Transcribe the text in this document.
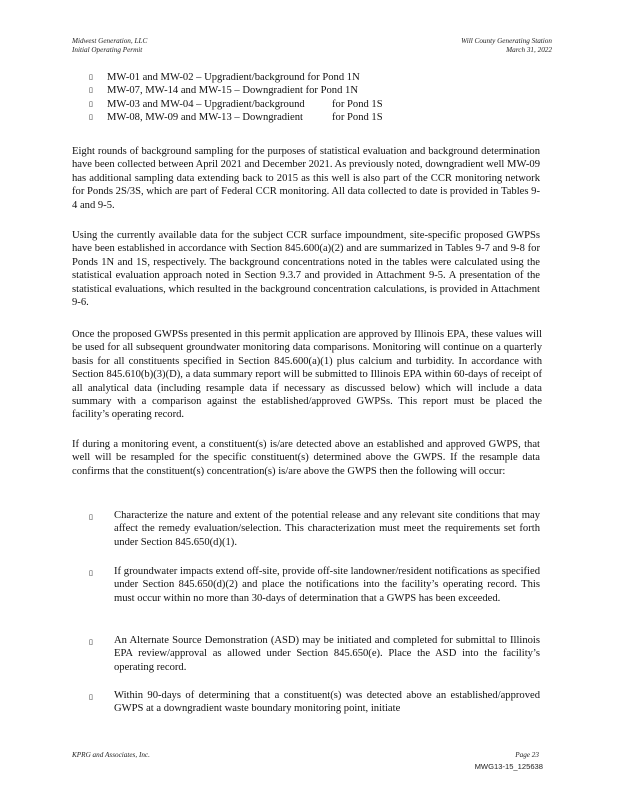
Midwest Generation, LLC
Initial Operating Permit
Will County Generating Station
March 31, 2022
▯	MW-01 and MW-02 – Upgradient/background for Pond 1N
▯	MW-07, MW-14 and MW-15 – Downgradient for Pond 1N
▯	MW-03 and MW-04 – Upgradient/background	for Pond 1S
▯	MW-08, MW-09 and MW-13 – Downgradient	for Pond 1S

Eight rounds of background sampling for the purposes of statistical evaluation and background determination have been collected between April 2021 and December 2021. As previously noted, downgradient well MW-09 has additional sampling data extending back to 2015 as this well is also part of the CCR monitoring network for Ponds 2S/3S, which are part of Federal CCR monitoring. All data collected to date is provided in Tables 9-4 and 9-5.

Using the currently available data for the subject CCR surface impoundment, site-specific proposed GWPSs have been established in accordance with Section 845.600(a)(2) and are summarized in Tables 9-7 and 9-8 for Ponds 1N and 1S, respectively. The background concentrations noted in the tables were calculated using the statistical evaluation approach noted in Section 9.3.7 and provided in Attachment 9-5. A presentation of the statistical evaluations, which resulted in the background concentration calculations, is provided in Attachment 9-6.

Once the proposed GWPSs presented in this permit application are approved by Illinois EPA, these values will be used for all subsequent groundwater monitoring data comparisons. Monitoring will continue on a quarterly basis for all constituents specified in Section 845.600(a)(1) plus calcium and turbidity. In accordance with Section 845.610(b)(3)(D), a data summary report will be submitted to Illinois EPA within 60-days of receipt of all analytical data (including resample data if necessary as discussed below) which will include a data summary with a comparison against the established/approved GWPSs. This report must be placed the facility’s operating record.

If during a monitoring event, a constituent(s) is/are detected above an established and approved GWPS, that well will be resampled for the specific constituent(s) determined above the GWPS. If the resample data confirms that the constituent(s) concentration(s) is/are above the GWPS then the following will occur:

▯	Characterize the nature and extent of the potential release and any relevant site conditions that may affect the remedy evaluation/selection. This characterization must meet the requirements set forth under Section 845.650(d)(1).
▯	If groundwater impacts extend off-site, provide off-site landowner/resident notifications as specified under Section 845.650(d)(2) and place the notifications into the facility’s operating record. This must occur within no more than 30-days of determination that a GWPS has been exceeded.
▯	An Alternate Source Demonstration (ASD) may be initiated and completed for submittal to Illinois EPA review/approval as allowed under Section 845.650(e). Place the ASD into the facility’s operating record.
▯	Within 90-days of determining that a constituent(s) was detected above an established/approved GWPS at a downgradient waste boundary monitoring point, initiate
KPRG and Associates, Inc.	Page 23
MWG13-15_125638
